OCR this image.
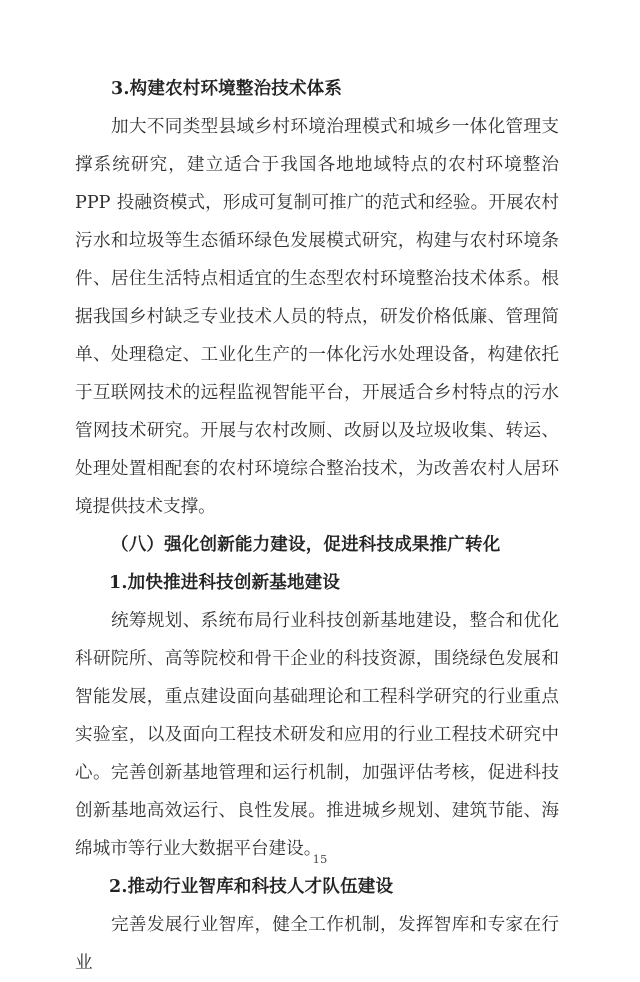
3.构建农村环境整治技术体系

加大不同类型县域乡村环境治理模式和城乡一体化管理支撑系统研究，建立适合于我国各地地域特点的农村环境整治 PPP 投融资模式，形成可复制可推广的范式和经验。开展农村污水和垃圾等生态循环绿色发展模式研究，构建与农村环境条件、居住生活特点相适宜的生态型农村环境整治技术体系。根据我国乡村缺乏专业技术人员的特点，研发价格低廉、管理简单、处理稳定、工业化生产的一体化污水处理设备，构建依托于互联网技术的远程监视智能平台，开展适合乡村特点的污水管网技术研究。开展与农村改厕、改厨以及垃圾收集、转运、处理处置相配套的农村环境综合整治技术，为改善农村人居环境提供技术支撑。

（八）强化创新能力建设，促进科技成果推广转化

1.加快推进科技创新基地建设

统筹规划、系统布局行业科技创新基地建设，整合和优化科研院所、高等院校和骨干企业的科技资源，围绕绿色发展和智能发展，重点建设面向基础理论和工程科学研究的行业重点实验室，以及面向工程技术研发和应用的行业工程技术研究中心。完善创新基地管理和运行机制，加强评估考核，促进科技创新基地高效运行、良性发展。推进城乡规划、建筑节能、海绵城市等行业大数据平台建设。

2.推动行业智库和科技人才队伍建设

完善发展行业智库，健全工作机制，发挥智库和专家在行业

15
